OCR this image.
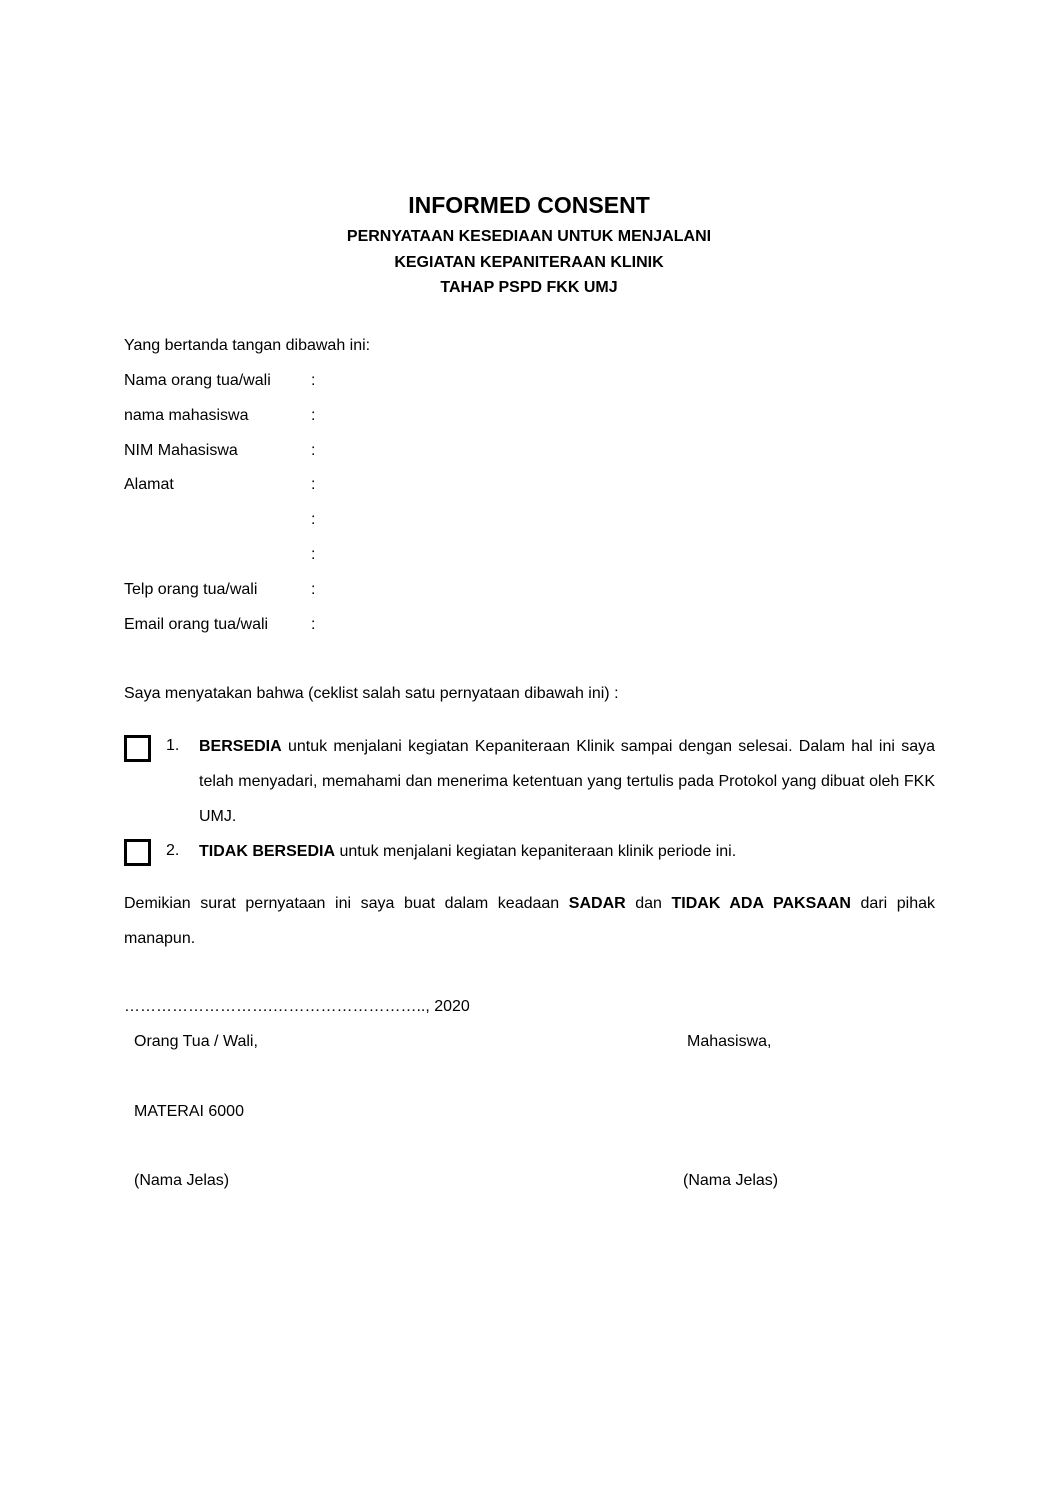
INFORMED CONSENT
PERNYATAAN KESEDIAAN UNTUK MENJALANI
KEGIATAN KEPANITERAAN KLINIK
TAHAP PSPD FKK UMJ
Yang bertanda tangan dibawah ini:
Nama orang tua/wali	:
nama mahasiswa	:
NIM Mahasiswa	:
Alamat	:
:
:
Telp orang tua/wali	:
Email orang tua/wali	:
Saya menyatakan bahwa (ceklist salah satu pernyataan dibawah ini) :
1. BERSEDIA untuk menjalani kegiatan Kepaniteraan Klinik sampai dengan selesai. Dalam hal ini saya telah menyadari, memahami dan menerima ketentuan yang tertulis pada Protokol yang dibuat oleh FKK UMJ.
2. TIDAK BERSEDIA untuk menjalani kegiatan kepaniteraan klinik periode ini.
Demikian surat pernyataan ini saya buat dalam keadaan SADAR dan TIDAK ADA PAKSAAN dari pihak manapun.
……………………….……………………….., 2020
Orang Tua / Wali,	Mahasiswa,
MATERAI 6000
(Nama Jelas)	(Nama Jelas)
